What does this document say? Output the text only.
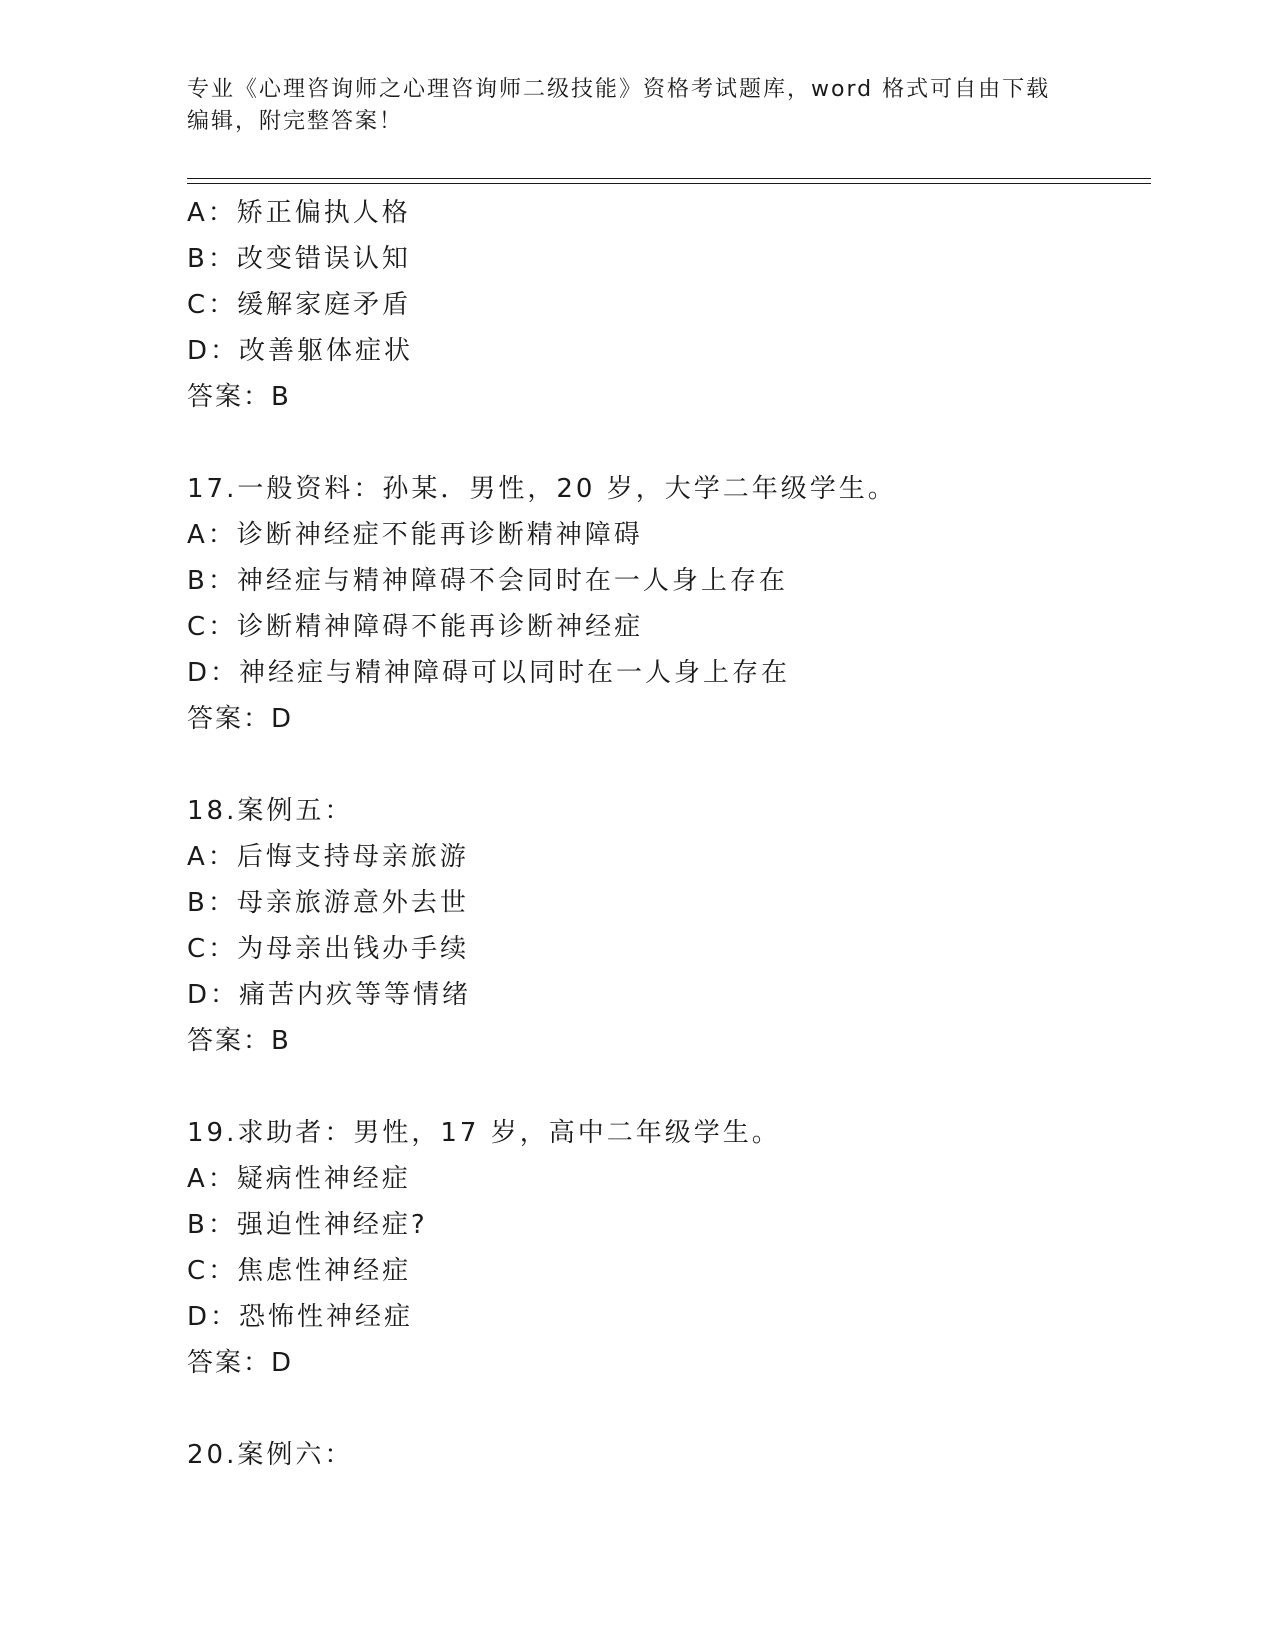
专业《心理咨询师之心理咨询师二级技能》资格考试题库，word 格式可自由下载
编辑，附完整答案！
A：矫正偏执人格
B：改变错误认知
C：缓解家庭矛盾
D：改善躯体症状
答案：B
17.一般资料：孙某．男性，20 岁，大学二年级学生。
A：诊断神经症不能再诊断精神障碍
B：神经症与精神障碍不会同时在一人身上存在
C：诊断精神障碍不能再诊断神经症
D：神经症与精神障碍可以同时在一人身上存在
答案：D
18.案例五：
A：后悔支持母亲旅游
B：母亲旅游意外去世
C：为母亲出钱办手续
D：痛苦内疚等等情绪
答案：B
19.求助者：男性，17 岁，高中二年级学生。
A：疑病性神经症
B：强迫性神经症?
C：焦虑性神经症
D：恐怖性神经症
答案：D
20.案例六：
